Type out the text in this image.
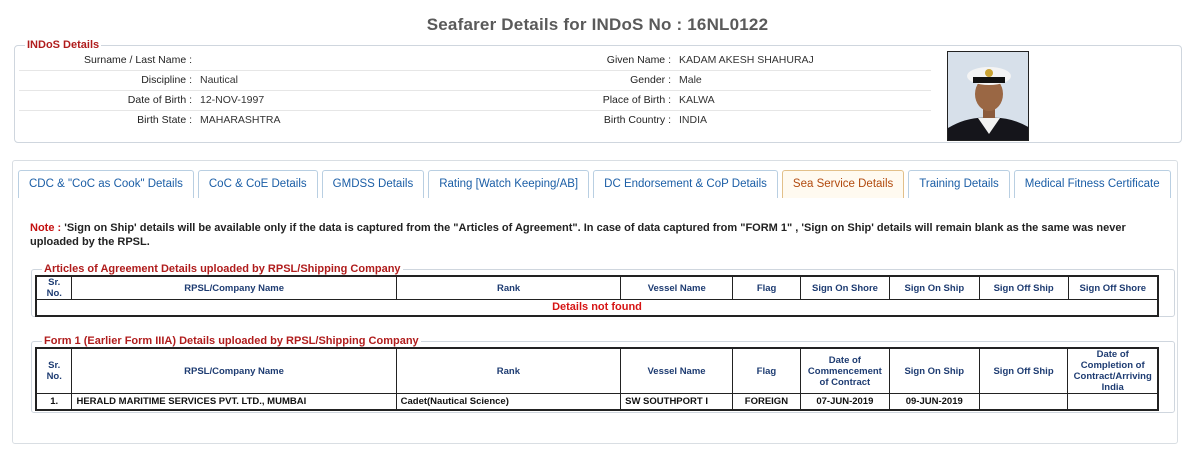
Seafarer Details for INDoS No : 16NL0122
INDoS Details
Surname / Last Name :		Given Name :	KADAM AKESH SHAHURAJ
Discipline :	Nautical	Gender :	Male
Date of Birth :	12-NOV-1997	Place of Birth :	KALWA
Birth State :	MAHARASHTRA	Birth Country :	INDIA
CDC & "CoC as Cook" Details	CoC & CoE Details	GMDSS Details	Rating [Watch Keeping/AB]	DC Endorsement & CoP Details	Sea Service Details	Training Details	Medical Fitness Certificate
Note : 'Sign on Ship' details will be available only if the data is captured from the "Articles of Agreement". In case of data captured from "FORM 1" , 'Sign on Ship' details will remain blank as the same was never uploaded by the RPSL.
Articles of Agreement Details uploaded by RPSL/Shipping Company
Sr. No.	RPSL/Company Name	Rank	Vessel Name	Flag	Sign On Shore	Sign On Ship	Sign Off Ship	Sign Off Shore
Details not found
Form 1 (Earlier Form IIIA) Details uploaded by RPSL/Shipping Company
Sr. No.	RPSL/Company Name	Rank	Vessel Name	Flag	Date of Commencement of Contract	Sign On Ship	Sign Off Ship	Date of Completion of Contract/Arriving India
1.	HERALD MARITIME SERVICES PVT. LTD., MUMBAI	Cadet(Nautical Science)	SW SOUTHPORT I	FOREIGN	07-JUN-2019	09-JUN-2019		
